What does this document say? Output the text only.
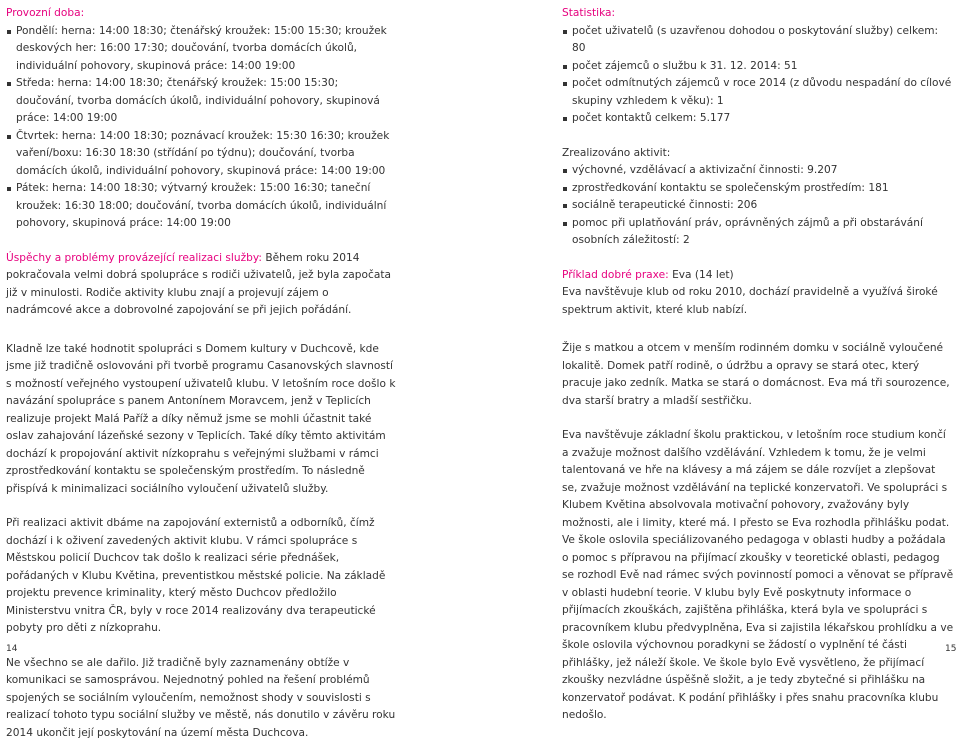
Provozní doba:
Pondělí: herna: 14:00 18:30; čtenářský kroužek: 15:00 15:30; kroužek deskových her: 16:00 17:30; doučování, tvorba domácích úkolů, individuální pohovory, skupinová práce: 14:00 19:00
Středa: herna: 14:00 18:30; čtenářský kroužek: 15:00 15:30; doučování, tvorba domácích úkolů, individuální pohovory, skupinová práce: 14:00 19:00
Čtvrtek: herna: 14:00 18:30; poznávací kroužek: 15:30 16:30; kroužek vaření/boxu: 16:30 18:30 (střídání po týdnu); doučování, tvorba domácích úkolů, individuální pohovory, skupinová práce: 14:00 19:00
Pátek: herna: 14:00 18:30; výtvarný kroužek: 15:00 16:30; taneční kroužek: 16:30 18:00; doučování, tvorba domácích úkolů, individuální pohovory, skupinová práce: 14:00 19:00

Úspěchy a problémy provázející realizaci služby: Během roku 2014 pokračovala velmi dobrá spolupráce s rodiči uživatelů, jež byla započata již v minulosti. Rodiče aktivity klubu znají a projevují zájem o nadrámcové akce a dobrovolné zapojování se při jejich pořádání.

Kladně lze také hodnotit spolupráci s Domem kultury v Duchcově, kde jsme již tradičně oslovováni při tvorbě programu Casanovských slavností s možností veřejného vystoupení uživatelů klubu. V letošním roce došlo k navázání spolupráce s panem Antonínem Moravcem, jenž v Teplicích realizuje projekt Malá Paříž a díky němuž jsme se mohli účastnit také oslav zahajování lázeňské sezony v Teplicích. Také díky těmto aktivitám dochází k propojování aktivit nízkoprahu s veřejnými službami v rámci zprostředkování kontaktu se společenským prostředím. To následně přispívá k minimalizaci sociálního vyloučení uživatelů služby.

Při realizaci aktivit dbáme na zapojování externistů a odborníků, čímž dochází i k oživení zavedených aktivit klubu. V rámci spolupráce s Městskou policií Duchcov tak došlo k realizaci série přednášek, pořádaných v Klubu Květina, preventistkou městské policie. Na základě projektu prevence kriminality, který město Duchcov předložilo Ministerstvu vnitra ČR, byly v roce 2014 realizovány dva terapeutické pobyty pro děti z nízkoprahu.

Ne všechno se ale dařilo. Již tradičně byly zaznamenány obtíže v komunikaci se samosprávou. Nejednotný pohled na řešení problémů spojených se sociálním vyloučením, nemožnost shody v souvislosti s realizací tohoto typu sociální služby ve městě, nás donutilo v závěru roku 2014 ukončit její poskytování na území města Duchcova.

Statistika:
počet uživatelů (s uzavřenou dohodou o poskytování služby) celkem: 80
počet zájemců o službu k 31. 12. 2014: 51
počet odmítnutých zájemců v roce 2014 (z důvodu nespadání do cílové skupiny vzhledem k věku): 1
počet kontaktů celkem: 5.177
Zrealizováno aktivit:
výchovné, vzdělávací a aktivizační činnosti: 9.207
zprostředkování kontaktu se společenským prostředím: 181
sociálně terapeutické činnosti: 206
pomoc při uplatňování práv, oprávněných zájmů a při obstarávání osobních záležitostí: 2

Příklad dobré praxe: Eva (14 let)

Eva navštěvuje klub od roku 2010, dochází pravidelně a využívá široké spektrum aktivit, které klub nabízí.

Žije s matkou a otcem v menším rodinném domku v sociálně vyloučené lokalitě. Domek patří rodině, o údržbu a opravy se stará otec, který pracuje jako zedník. Matka se stará o domácnost. Eva má tři sourozence, dva starší bratry a mladší sestřičku.

Eva navštěvuje základní školu praktickou, v letošním roce studium končí a zvažuje možnost dalšího vzdělávání. Vzhledem k tomu, že je velmi talentovaná ve hře na klávesy a má zájem se dále rozvíjet a zlepšovat se, zvažuje možnost vzdělávání na teplické konzervatoři. Ve spolupráci s Klubem Květina absolvovala motivační pohovory, zvažovány byly možnosti, ale i limity, které má. I přesto se Eva rozhodla přihlášku podat. Ve škole oslovila speciálizovaného pedagoga v oblasti hudby a požádala o pomoc s přípravou na přijímací zkoušky v teoretické oblasti, pedagog se rozhodl Evě nad rámec svých povinností pomoci a věnovat se přípravě v oblasti hudební teorie. V klubu byly Evě poskytnuty informace o přijímacích zkouškách, zajištěna přihláška, která byla ve spolupráci s pracovníkem klubu předvyplněna, Eva si zajistila lékařskou prohlídku a ve škole oslovila výchovnou poradkyni se žádostí o vyplnění té části přihlášky, jež náleží škole. Ve škole bylo Evě vysvětleno, že přijímací zkoušky nezvládne úspěšně složit, a je tedy zbytečné si přihlášku na konzervatoř podávat. K podání přihlášky i přes snahu pracovníka klubu nedošlo.

14	15
